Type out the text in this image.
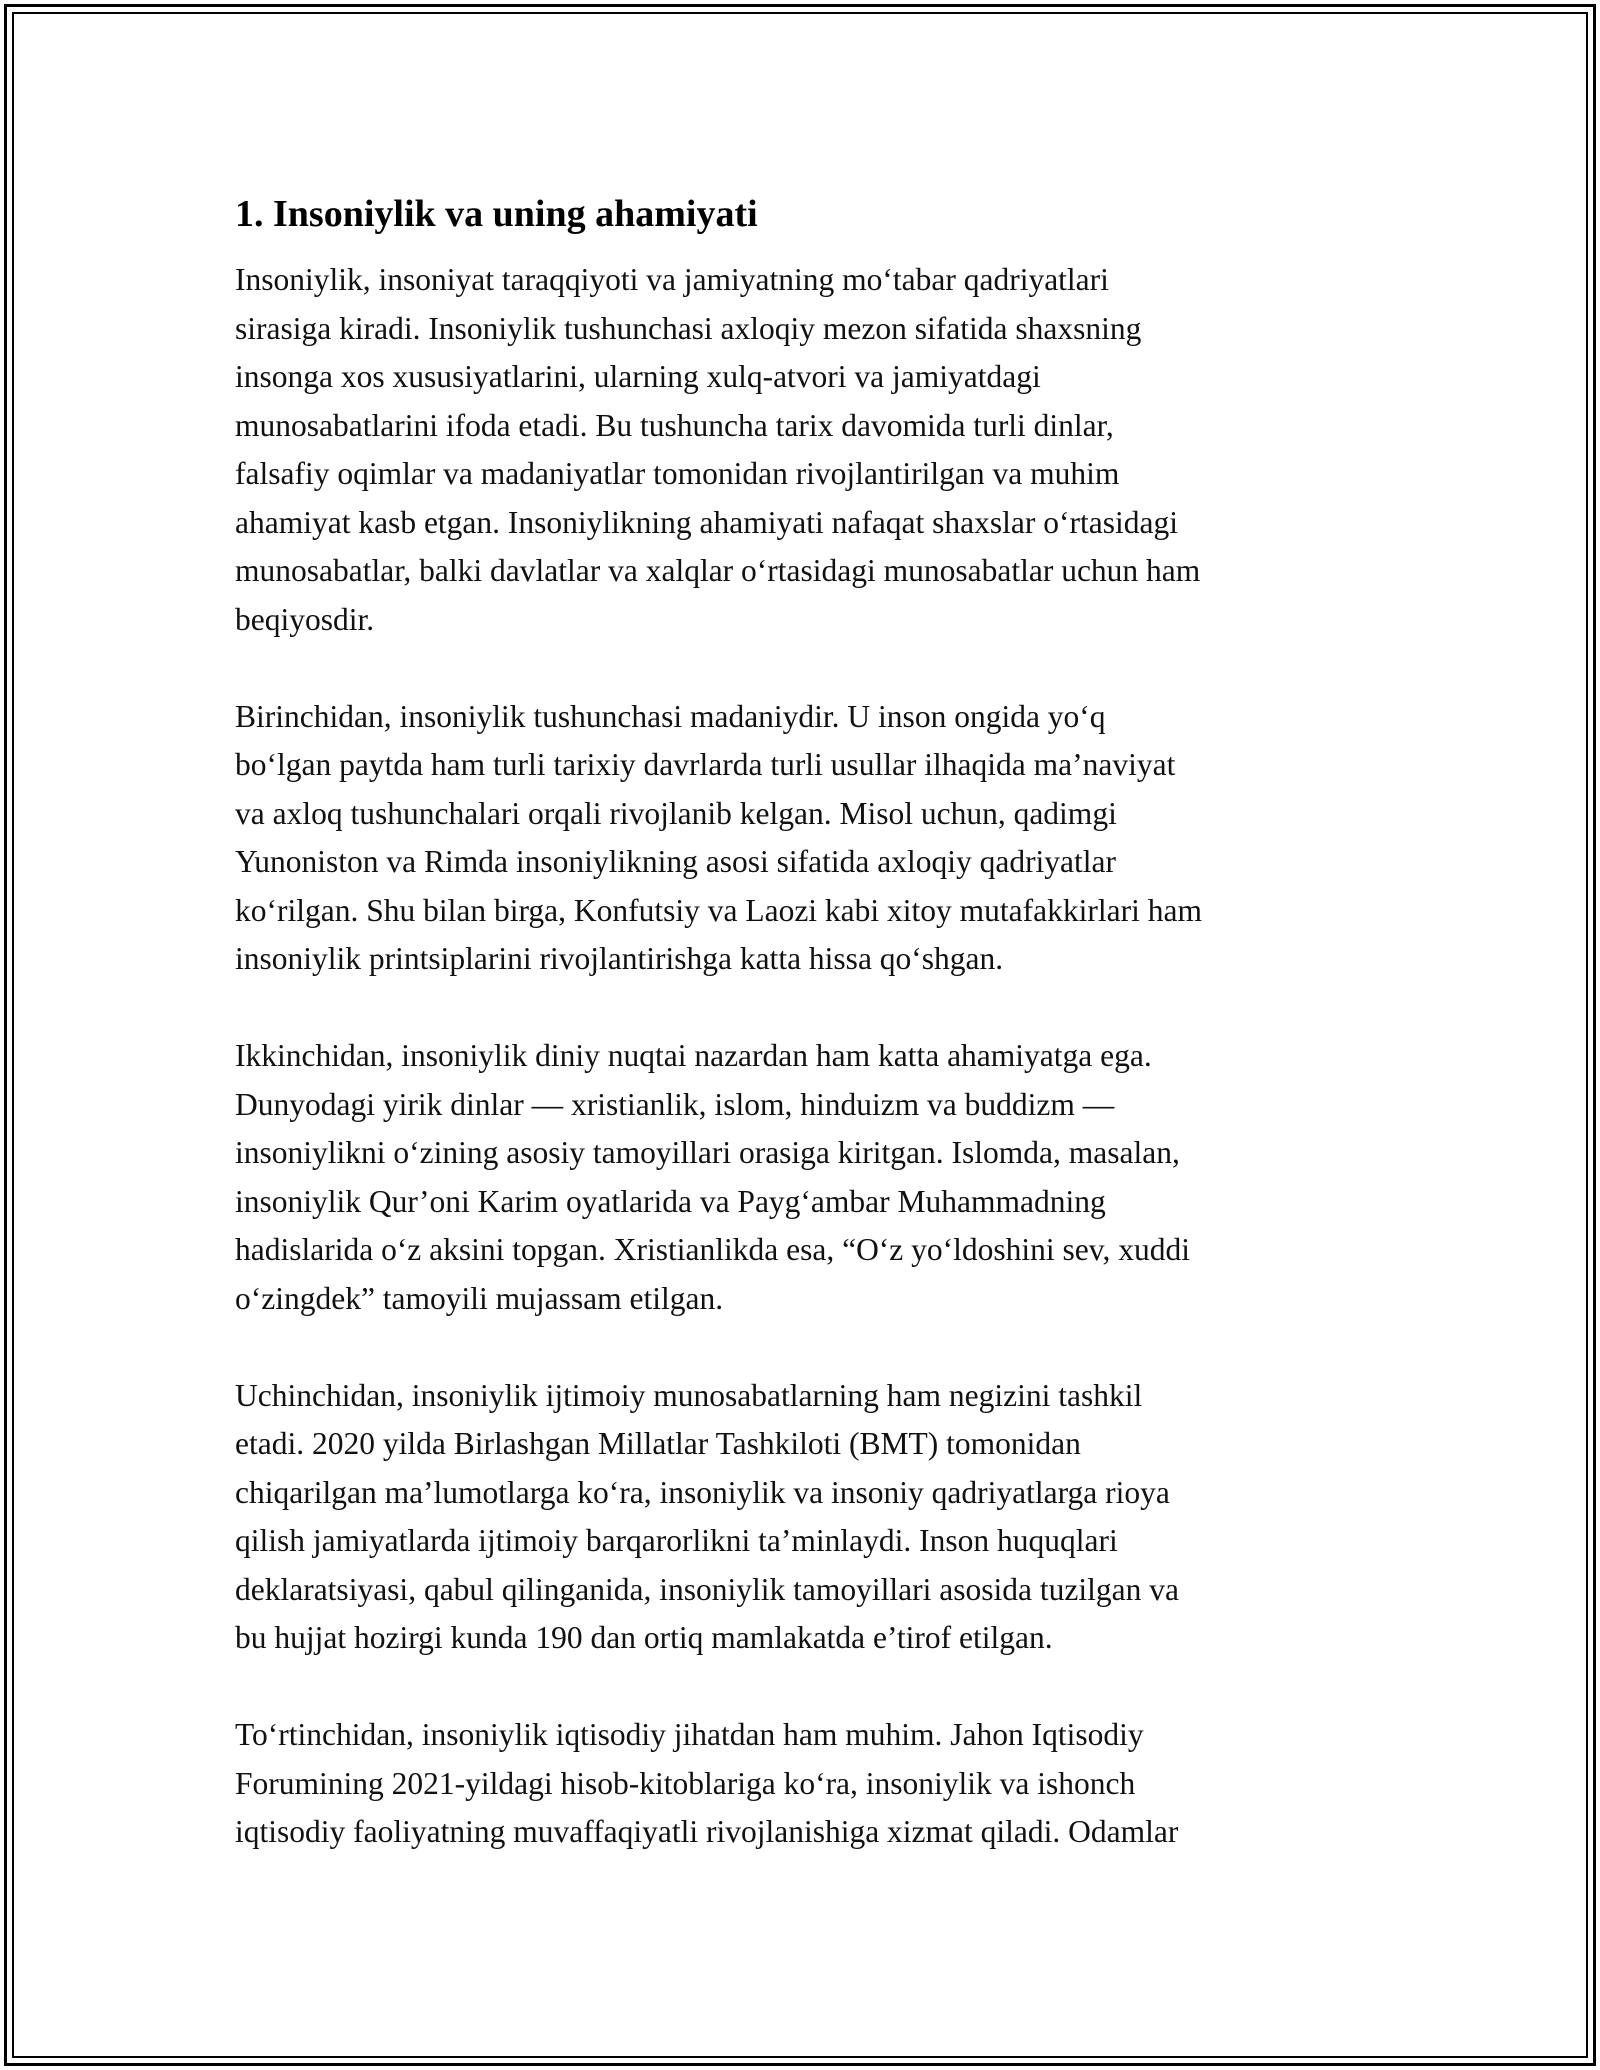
1. Insoniylik va uning ahamiyati

Insoniylik, insoniyat taraqqiyoti va jamiyatning mo‘tabar qadriyatlari
sirasiga kiradi. Insoniylik tushunchasi axloqiy mezon sifatida shaxsning
insonga xos xususiyatlarini, ularning xulq-atvori va jamiyatdagi
munosabatlarini ifoda etadi. Bu tushuncha tarix davomida turli dinlar,
falsafiy oqimlar va madaniyatlar tomonidan rivojlantirilgan va muhim
ahamiyat kasb etgan. Insoniylikning ahamiyati nafaqat shaxslar o‘rtasidagi
munosabatlar, balki davlatlar va xalqlar o‘rtasidagi munosabatlar uchun ham
beqiyosdir.

Birinchidan, insoniylik tushunchasi madaniydir. U inson ongida yo‘q
bo‘lgan paytda ham turli tarixiy davrlarda turli usullar ilhaqida ma’naviyat
va axloq tushunchalari orqali rivojlanib kelgan. Misol uchun, qadimgi
Yunoniston va Rimda insoniylikning asosi sifatida axloqiy qadriyatlar
ko‘rilgan. Shu bilan birga, Konfutsiy va Laozi kabi xitoy mutafakkirlari ham
insoniylik printsiplarini rivojlantirishga katta hissa qo‘shgan.

Ikkinchidan, insoniylik diniy nuqtai nazardan ham katta ahamiyatga ega.
Dunyodagi yirik dinlar — xristianlik, islom, hinduizm va buddizm —
insoniylikni o‘zining asosiy tamoyillari orasiga kiritgan. Islomda, masalan,
insoniylik Qur’oni Karim oyatlarida va Payg‘ambar Muhammadning
hadislarida o‘z aksini topgan. Xristianlikda esa, “O‘z yo‘ldoshini sev, xuddi
o‘zingdek” tamoyili mujassam etilgan.

Uchinchidan, insoniylik ijtimoiy munosabatlarning ham negizini tashkil
etadi. 2020 yilda Birlashgan Millatlar Tashkiloti (BMT) tomonidan
chiqarilgan ma’lumotlarga ko‘ra, insoniylik va insoniy qadriyatlarga rioya
qilish jamiyatlarda ijtimoiy barqarorlikni ta’minlaydi. Inson huquqlari
deklaratsiyasi, qabul qilinganida, insoniylik tamoyillari asosida tuzilgan va
bu hujjat hozirgi kunda 190 dan ortiq mamlakatda e’tirof etilgan.

To‘rtinchidan, insoniylik iqtisodiy jihatdan ham muhim. Jahon Iqtisodiy
Forumining 2021-yildagi hisob-kitoblariga ko‘ra, insoniylik va ishonch
iqtisodiy faoliyatning muvaffaqiyatli rivojlanishiga xizmat qiladi. Odamlar
